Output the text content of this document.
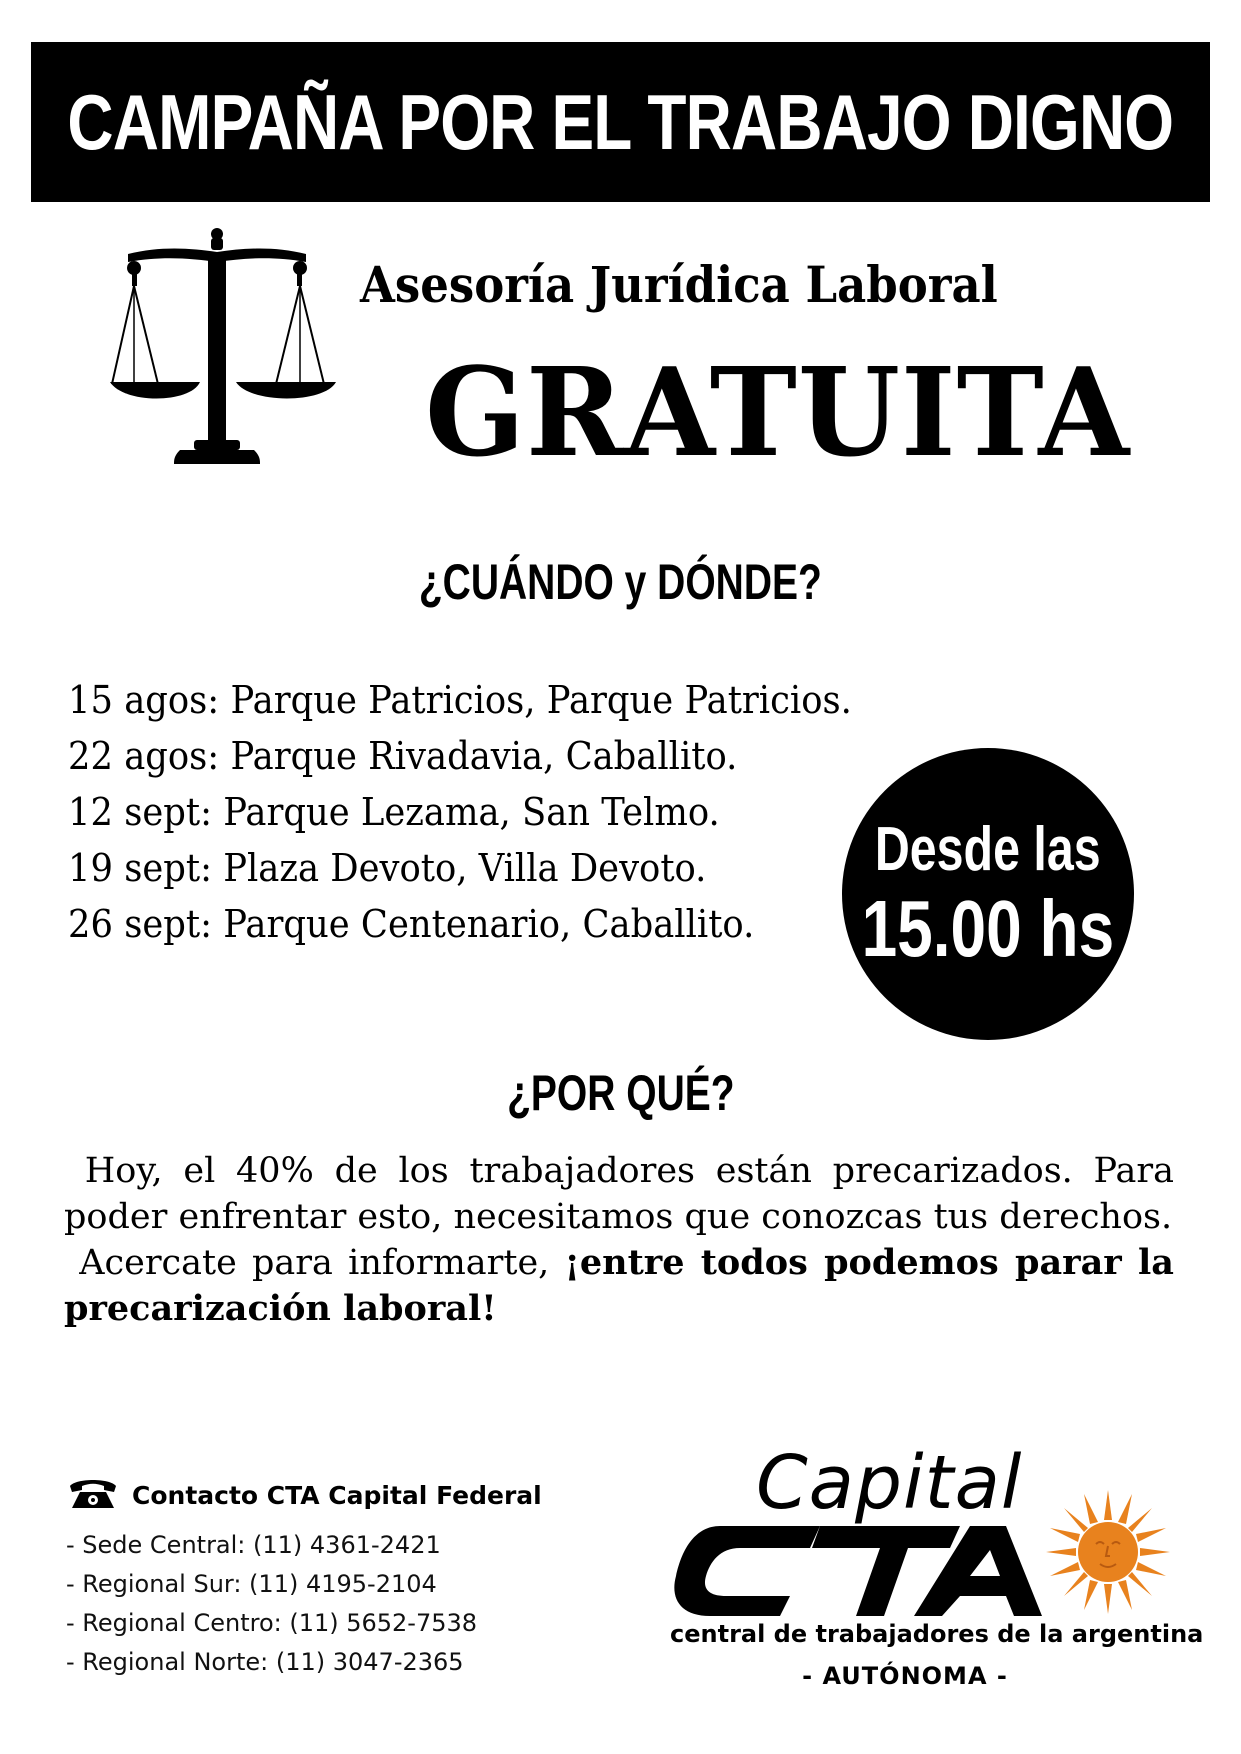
CAMPAÑA POR EL TRABAJO DIGNO
Asesoría Jurídica Laboral
GRATUITA
¿CUÁNDO y DÓNDE?
15 agos: Parque Patricios, Parque Patricios.
22 agos: Parque Rivadavia, Caballito.
12 sept: Parque Lezama, San Telmo.
19 sept: Plaza Devoto, Villa Devoto.
26 sept: Parque Centenario, Caballito.
Desde las
15.00 hs
¿POR QUÉ?

Hoy, el 40% de los trabajadores están precarizados. Para poder enfrentar esto, necesitamos que conozcas tus derechos.

Acercate para informarte, ¡entre todos podemos parar la precarización laboral!

Contacto CTA Capital Federal
- Sede Central: (11) 4361-2421
- Regional Sur: (11) 4195-2104
- Regional Centro: (11) 5652-7538
- Regional Norte: (11) 3047-2365
Capital
central de trabajadores de la argentina
- AUTÓNOMA -
